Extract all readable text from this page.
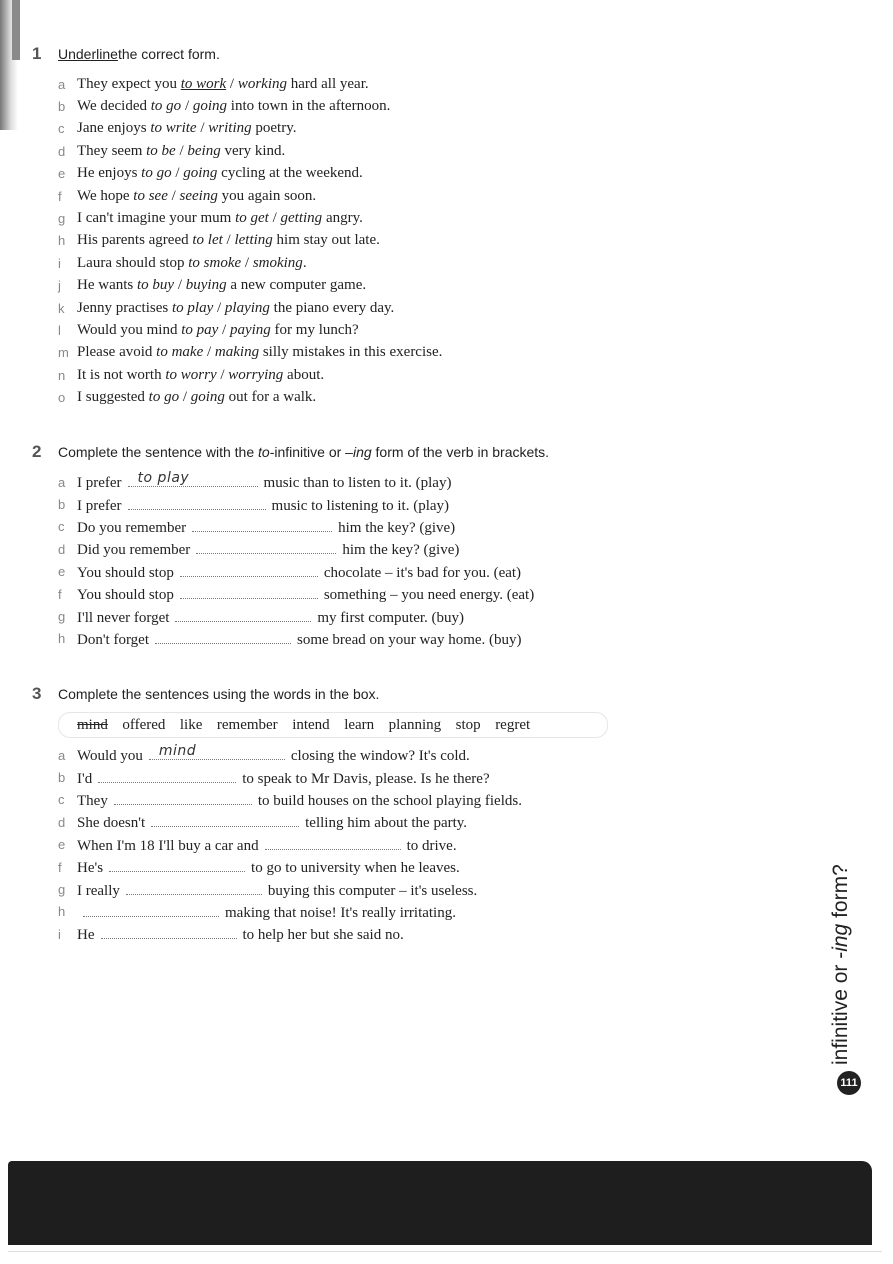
1	Underline the correct form.
a They expect you to work / working hard all year.
b We decided to go / going into town in the afternoon.
c Jane enjoys to write / writing poetry.
d They seem to be / being very kind.
e He enjoys to go / going cycling at the weekend.
f	We hope to see / seeing you again soon.
g I can't imagine your mum to get / getting angry.
h His parents agreed to let / letting him stay out late.
i	Laura should stop to smoke / smoking.
j	He wants to buy / buying a new computer game.
k Jenny practises to play / playing the piano every day.
l	Would you mind to pay / paying for my lunch?
m Please avoid to make / making silly mistakes in this exercise.
n It is not worth to worry / worrying about.
o I suggested to go / going out for a walk.
2	Complete the sentence with the to-infinitive or –ing form of the verb in brackets.
a I prefer to play	music than to listen to it. (play)
b I prefer	music to listening to it. (play)
c Do you remember	him the key? (give)
d Did you remember	him the key? (give)
e You should stop	chocolate – it's bad for you. (eat)
f	You should stop	something – you need energy. (eat)
g I'll never forget	my first computer. (buy)
h Don't forget	some bread on your way home. (buy)
3	Complete the sentences using the words in the box.
mind offered like remember intend learn planning stop regret
a Would you mind	closing the window? It's cold.
b I'd	to speak to Mr Davis, please. Is he there?
c They	to build houses on the school playing fields.
d She doesn't	telling him about the party.
e When I'm 18 I'll buy a car and	to drive.
f	He's	to go to university when he leaves.
g I really	buying this computer – it's useless.
h	making that noise! It's really irritating.
i	He	to help her but she said no.
infinitive or -ing form?
111
